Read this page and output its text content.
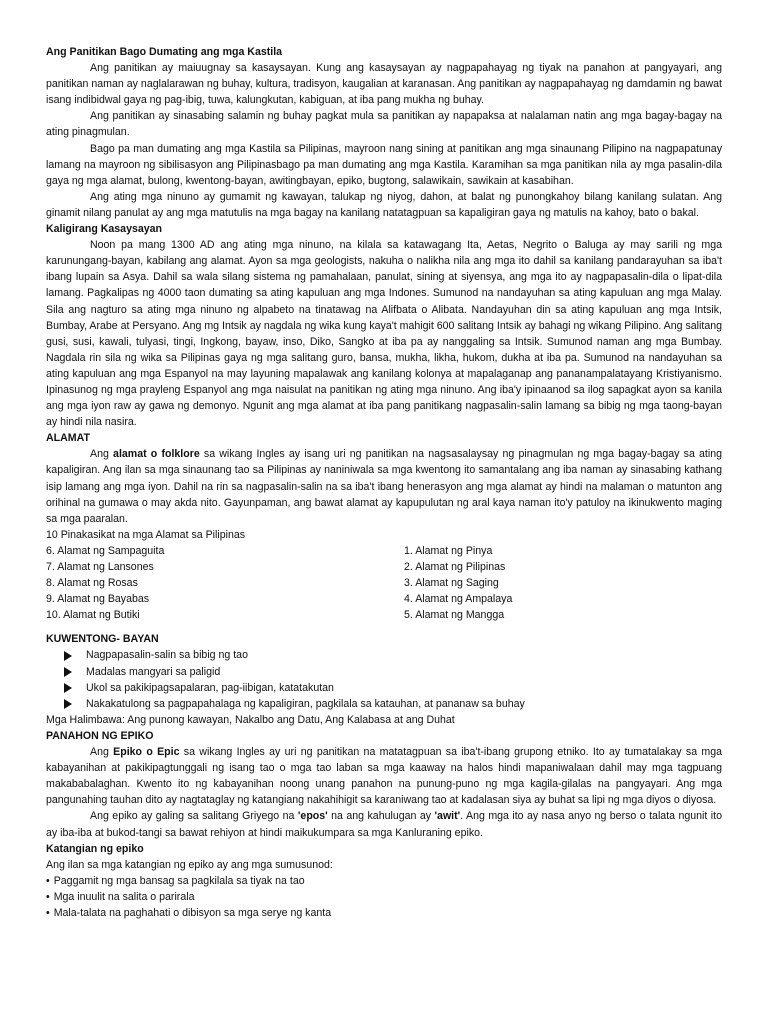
Ang Panitikan Bago Dumating ang mga Kastila

Ang panitikan ay maiuugnay sa kasaysayan. Kung ang kasaysayan ay nagpapahayag ng tiyak na panahon at pangyayari, ang panitikan naman ay naglalarawan ng buhay, kultura, tradisyon, kaugalian at karanasan. Ang panitikan ay nagpapahayag ng damdamin ng bawat isang indibidwal gaya ng pag-ibig, tuwa, kalungkutan, kabiguan, at iba pang mukha ng buhay.

Ang panitikan ay sinasabing salamin ng buhay pagkat mula sa panitikan ay napapaksa at nalalaman natin ang mga bagay-bagay na ating pinagmulan.

Bago pa man dumating ang mga Kastila sa Pilipinas, mayroon nang sining at panitikan ang mga sinaunang Pilipino na nagpapatunay lamang na mayroon ng sibilisasyon ang Pilipinasbago pa man dumating ang mga Kastila. Karamihan sa mga panitikan nila ay mga pasalin-dila gaya ng mga alamat, bulong, kwentong-bayan, awitingbayan, epiko, bugtong, salawikain, sawikain at kasabihan.

Ang ating mga ninuno ay gumamit ng kawayan, talukap ng niyog, dahon, at balat ng punongkahoy bilang kanilang sulatan. Ang ginamit nilang panulat ay ang mga matutulis na mga bagay na kanilang natatagpuan sa kapaligiran gaya ng matulis na kahoy, bato o bakal.

Kaligirang Kasaysayan

Noon pa mang 1300 AD ang ating mga ninuno, na kilala sa katawagang Ita, Aetas, Negrito o Baluga ay may sarili ng mga karunungang-bayan, kabilang ang alamat. Ayon sa mga geologists, nakuha o nalikha nila ang mga ito dahil sa kanilang pandarayuhan sa iba't ibang lupain sa Asya. Dahil sa wala silang sistema ng pamahalaan, panulat, sining at siyensya, ang mga ito ay nagpapasalin-dila o lipat-dila lamang. Pagkalipas ng 4000 taon dumating sa ating kapuluan ang mga Indones. Sumunod na nandayuhan sa ating kapuluan ang mga Malay. Sila ang nagturo sa ating mga ninuno ng alpabeto na tinatawag na Alifbata o Alibata. Nandayuhan din sa ating kapuluan ang mga Intsik, Bumbay, Arabe at Persyano. Ang mg Intsik ay nagdala ng wika kung kaya't mahigit 600 salitang Intsik ay bahagi ng wikang Pilipino. Ang salitang gusi, susi, kawali, tulyasi, tingi, Ingkong, bayaw, inso, Diko, Sangko at iba pa ay nanggaling sa Intsik. Sumunod naman ang mga Bumbay. Nagdala rin sila ng wika sa Pilipinas gaya ng mga salitang guro, bansa, mukha, likha, hukom, dukha at iba pa. Sumunod na nandayuhan sa ating kapuluan ang mga Espanyol na may layuning mapalawak ang kanilang kolonya at mapalaganap ang pananampalatayang Kristiyanismo. Ipinasunog ng mga prayleng Espanyol ang mga naisulat na panitikan ng ating mga ninuno. Ang iba'y ipinaanod sa ilog sapagkat ayon sa kanila ang mga iyon raw ay gawa ng demonyo. Ngunit ang mga alamat at iba pang panitikang nagpasalin-salin lamang sa bibig ng mga taong-bayan ay hindi nila nasira.

ALAMAT

Ang alamat o folklore sa wikang Ingles ay isang uri ng panitikan na nagsasalaysay ng pinagmulan ng mga bagay-bagay sa ating kapaligiran. Ang ilan sa mga sinaunang tao sa Pilipinas ay naniniwala sa mga kwentong ito samantalang ang iba naman ay sinasabing kathang isip lamang ang mga iyon. Dahil na rin sa nagpasalin-salin na sa iba't ibang henerasyon ang mga alamat ay hindi na malaman o matunton ang orihinal na gumawa o may akda nito. Gayunpaman, ang bawat alamat ay kapupulutan ng aral kaya naman ito'y patuloy na ikinukwento maging sa mga paaralan.

10 Pinakasikat na mga Alamat sa Pilipinas

6. Alamat ng Sampaguita
7. Alamat ng Lansones
8. Alamat ng Rosas
9. Alamat ng Bayabas
10. Alamat ng Butiki
1. Alamat ng Pinya
2. Alamat ng Pilipinas
3. Alamat ng Saging
4. Alamat ng Ampalaya
5. Alamat ng Mangga
KUWENTONG- BAYAN
Nagpapasalin-salin sa bibig ng tao
Madalas mangyari sa paligid
Ukol sa pakikipagsapalaran, pag-iibigan, katatakutan
Nakakatulong sa pagpapahalaga ng kapaligiran, pagkilala sa katauhan, at pananaw sa buhay

Mga Halimbawa: Ang punong kawayan, Nakalbo ang Datu, Ang Kalabasa at ang Duhat

PANAHON NG EPIKO

Ang Epiko o Epic sa wikang Ingles ay uri ng panitikan na matatagpuan sa iba't-ibang grupong etniko. Ito ay tumatalakay sa mga kabayanihan at pakikipagtunggali ng isang tao o mga tao laban sa mga kaaway na halos hindi mapaniwalaan dahil may mga tagpuang makababalaghan. Kwento ito ng kabayanihan noong unang panahon na punung-puno ng mga kagila-gilalas na pangyayari. Ang mga pangunahing tauhan dito ay nagtataglay ng katangiang nakahihigit sa karaniwang tao at kadalasan siya ay buhat sa lipi ng mga diyos o diyosa.

Ang epiko ay galing sa salitang Griyego na 'epos' na ang kahulugan ay 'awit'. Ang mga ito ay nasa anyo ng berso o talata ngunit ito ay iba-iba at bukod-tangi sa bawat rehiyon at hindi maikukumpara sa mga Kanluraning epiko.

Katangian ng epiko

Ang ilan sa mga katangian ng epiko ay ang mga sumusunod:

• Paggamit ng mga bansag sa pagkilala sa tiyak na tao
• Mga inuulit na salita o parirala
• Mala-talata na paghahati o dibisyon sa mga serye ng kanta
